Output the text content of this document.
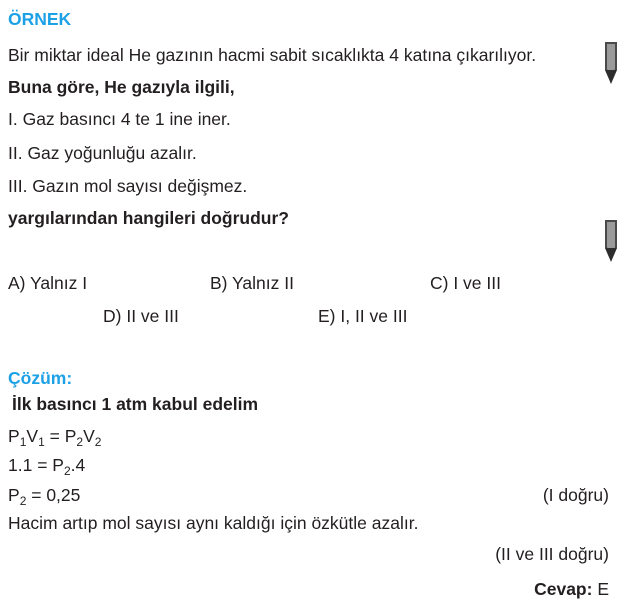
ÖRNEK
Bir miktar ideal He gazının hacmi sabit sıcaklıkta 4 katına çıkarılıyor.
Buna göre, He gazıyla ilgili,
I. Gaz basıncı 4 te 1 ine iner.
II. Gaz yoğunluğu azalır.
III. Gazın mol sayısı değişmez.
yargılarından hangileri doğrudur?
A) Yalnız I	B) Yalnız II	C) I ve III
D) II ve III	E) I, II ve III
Çözüm:
İlk basıncı 1 atm kabul edelim
$P_1V_1 = P_2V_2$
$1.1 = P_2.4$
$P_2 = 0,25$	(I doğru)
Hacim artıp mol sayısı aynı kaldığı için özkütle azalır.
(II ve III doğru)
Cevap: E
